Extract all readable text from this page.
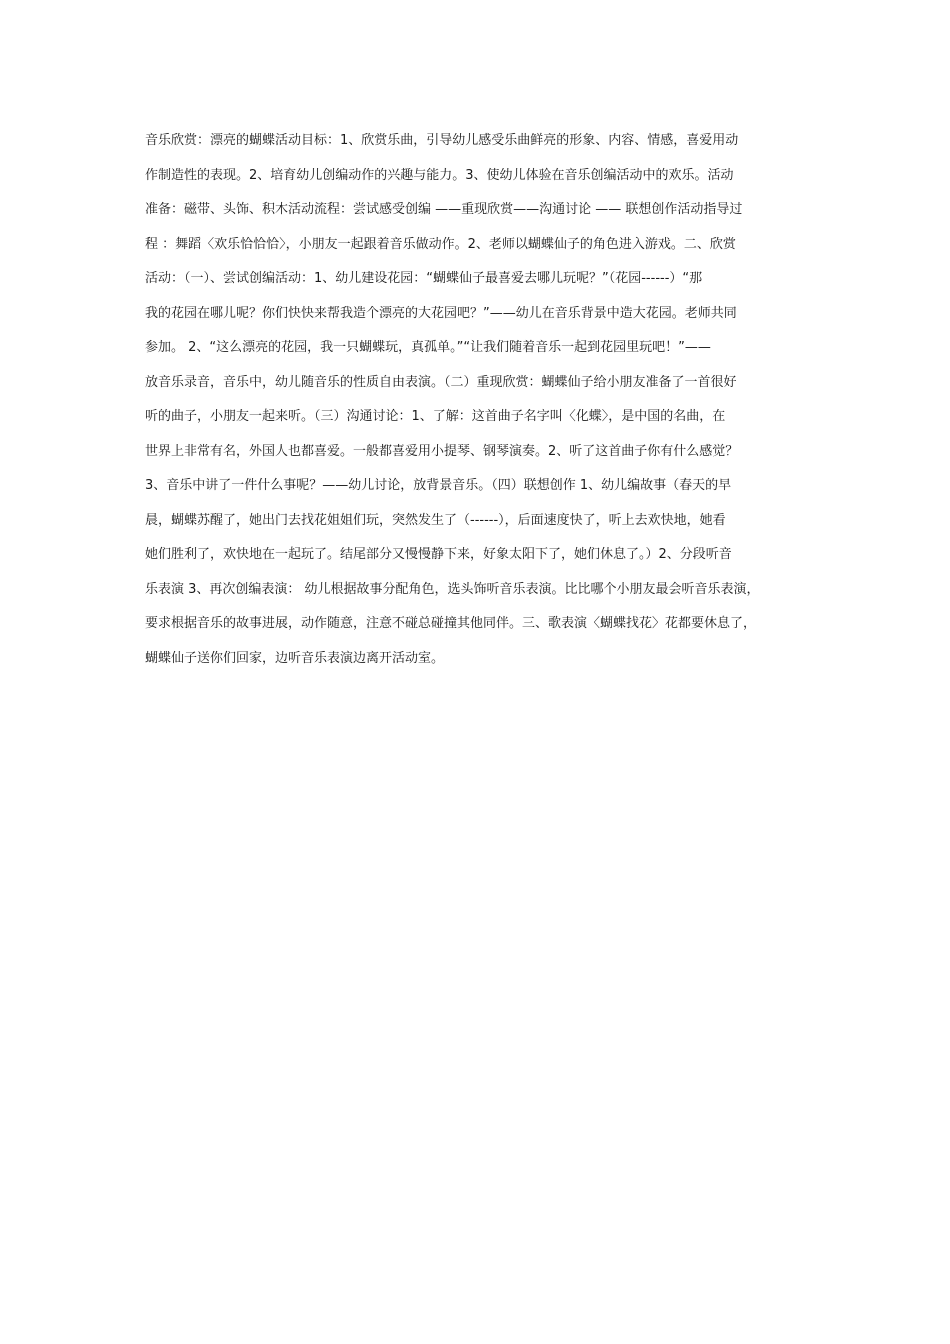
音乐欣赏：漂亮的蝴蝶活动目标：1、欣赏乐曲，引导幼儿感受乐曲鲜亮的形象、内容、情感，喜爱用动
作制造性的表现。2、培育幼儿创编动作的兴趣与能力。3、使幼儿体验在音乐创编活动中的欢乐。活动
准备：磁带、头饰、积木活动流程：尝试感受创编 ——重现欣赏——沟通讨论 —— 联想创作活动指导过
程 ：舞蹈〈欢乐恰恰恰〉，小朋友一起跟着音乐做动作。2、老师以蝴蝶仙子的角色进入游戏。二、欣赏
活动：（一）、尝试创编活动：1、幼儿建设花园：“蝴蝶仙子最喜爱去哪儿玩呢？”（花园------）“那
我的花园在哪儿呢？你们快快来帮我造个漂亮的大花园吧？”——幼儿在音乐背景中造大花园。老师共同
参加。 2、“这么漂亮的花园，我一只蝴蝶玩，真孤单。”“让我们随着音乐一起到花园里玩吧！”——
放音乐录音，音乐中，幼儿随音乐的性质自由表演。（二）重现欣赏：蝴蝶仙子给小朋友准备了一首很好
听的曲子，小朋友一起来听。（三）沟通讨论：1、了解：这首曲子名字叫〈化蝶〉，是中国的名曲，在
世界上非常有名，外国人也都喜爱。一般都喜爱用小提琴、钢琴演奏。2、听了这首曲子你有什么感觉？
3、音乐中讲了一件什么事呢？——幼儿讨论，放背景音乐。（四）联想创作 1、幼儿编故事（春天的早
晨，蝴蝶苏醒了，她出门去找花姐姐们玩，突然发生了（------），后面速度快了，听上去欢快地，她看
她们胜利了，欢快地在一起玩了。结尾部分又慢慢静下来，好象太阳下了，她们休息了。）2、分段听音
乐表演 3、再次创编表演： 幼儿根据故事分配角色，选头饰听音乐表演。比比哪个小朋友最会听音乐表演，
要求根据音乐的故事进展，动作随意，注意不碰总碰撞其他同伴。三、歌表演〈蝴蝶找花〉花都要休息了，
蝴蝶仙子送你们回家，边听音乐表演边离开活动室。
